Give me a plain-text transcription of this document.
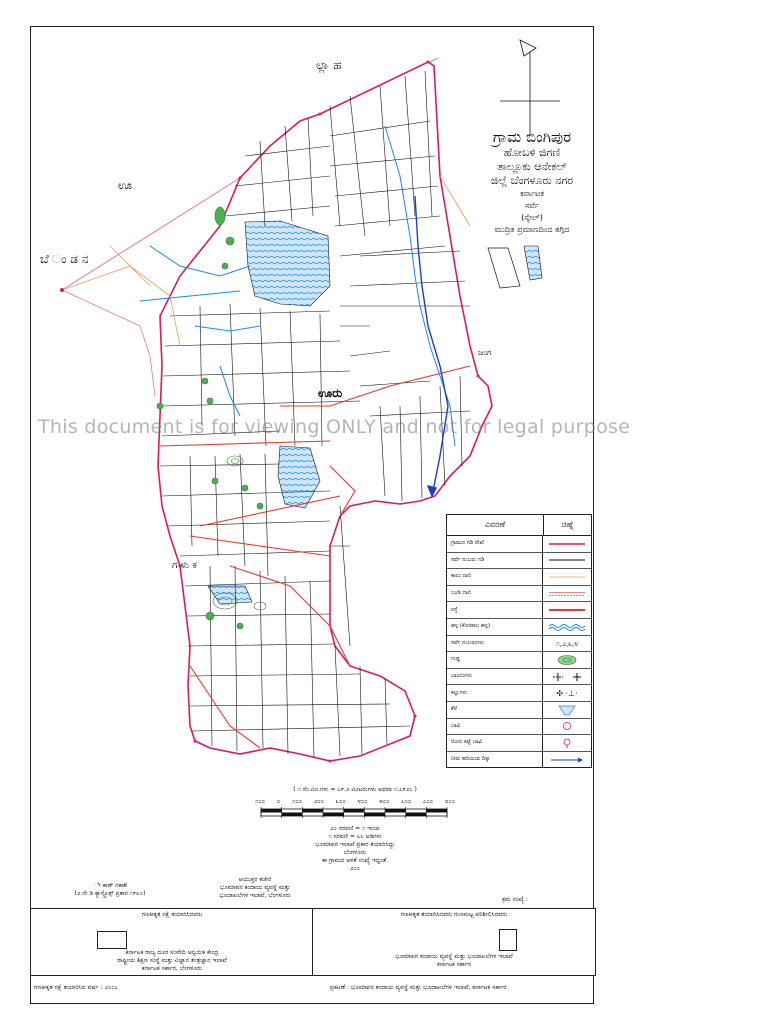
ಲ್ಲಾ ಹ
ಬೆ ಂ ಡ ನ
ಊ
ಜಂಗ
ಗ ಳು ಕ
ಊರು
ಗ್ರಾಮ ಬಿಂಗಿಪುರ
ಹೋಬಳಿ ಜಿಗಣಿ
ತಾಲ್ಲೂಕು ಆನೇಕಲ್
ಜಿಲ್ಲೆ ಬೆಂಗಳೂರು ನಗರ
ಕರ್ನಾಟಕ
ಸರ್ವೆ
(ಸ್ಕೇಲ್)
ಮುದ್ರಿತ ಪ್ರಮಾಣದಿಂದ ತಗ್ಗಿದ
This document is for viewing ONLY and not for legal purpose
ವಿವರಣೆ	ಚಿಹ್ನೆ
ಗ್ರಾಮದ ಗಡಿ ರೇಖೆ
ಸರ್ವೆ ನಂಬರು ಗಡಿ
ಕಾಲು ದಾರಿ
ಬಂಡಿ ದಾರಿ
ರಸ್ತೆ
ಹಳ್ಳ (ಕೊರಕಲು ಹಳ್ಳ)
ಸರ್ವೆ ನಂಬರುಗಳು	೧,೨,೩,೪
ಗುಡ್ಡ
ಬಾಂದುಗಳು
ಕಲ್ಲುಗಳು	✣ ·⊥·
ಕೆರೆ
ಬಾವಿ
ಬಿಂದು ಕಟ್ಟೆ ಬಾವಿ
ನೀರು ಹರಿಯುವ ದಿಕ್ಕು
( ೧ ಸೆಂ.ಮೀ.ಗಳು = ೭೯.೨ ಮೀಟರುಗಳು ಅಥವಾ ೧:೭೯೨೦ )
೧೦೦ ೦ ೧೦೦ ೨೦೦ ೩೦೦ ೪೦೦ ೫೦೦ ೬೦೦ ೭೦೦ ೮೦೦
೨೦ ಸರಪಣಿ = ೧ ಇಂಚು
೧ ಸರಪಣಿ = ೬೬ ಅಡಿಗಳು
ಭೂಮಾಪನ ಇಲಾಖೆ ಪ್ರಕಾರ ತಯಾರಿಸಿದ್ದು
ಬೆಂಗಳೂರು
ಈ ಗ್ರಾಮದ ಅಳತೆ ಸಂಖ್ಯೆ ಇದ್ದಂತೆ.
೨೦೦
ಆಯುಕ್ತರ ಕಚೇರಿ
ಭೂಮಾಪನ ಕಂದಾಯ ವ್ಯವಸ್ಥೆ ಮತ್ತು
ಭೂದಾಖಲೆಗಳ ಇಲಾಖೆ, ಬೆಂಗಳೂರು
ೀ ಕಾಡ್ ನಕಾಶೆ
(೨ ನೇ ಡಿ ಕ್ಯಾಸ್ಟ್ರೊಕ್ಸ್ ಪ್ರಕಾರ ೧೯೩೦)
ಕ್ರಮ ಸಂಖ್ಯೆ :
ಗಣಕೀಕೃತ ನಕ್ಷೆ ತಯಾರಿಸಿದವರು
ಕರ್ನಾಟಕ ರಾಜ್ಯ ದೂರ ಸಂವೇದಿ ಅನ್ವಯಿಕ ಕೇಂದ್ರ
ರಾಷ್ಟ್ರೀಯ ಶಿಕ್ಷಣ ಸಂಸ್ಥೆ ಮತ್ತು ವಿಜ್ಞಾನ ತಂತ್ರಜ್ಞಾನ ಇಲಾಖೆ
ಕರ್ನಾಟಕ ಸರ್ಕಾರ, ಬೆಂಗಳೂರು
ಗಣಕೀಕೃತ ತಯಾರಿಸಿದವರು ಗುಣಮಟ್ಟ ಪರಿಶೀಲಿಸಿದವರು
ಭೂಮಾಪನ ಕಂದಾಯ ವ್ಯವಸ್ಥೆ ಮತ್ತು ಭೂದಾಖಲೆಗಳ ಇಲಾಖೆ
ಕರ್ನಾಟಕ ಸರ್ಕಾರ
ಗಣಕೀಕೃತ ನಕ್ಷೆ ತಯಾರಿಸಿದ ವರ್ಷ : ೨೦೦೭	ಪ್ರಕಟಣೆ : ಭೂಮಾಪನ ಕಂದಾಯ ವ್ಯವಸ್ಥೆ ಮತ್ತು ಭೂದಾಖಲೆಗಳ ಇಲಾಖೆ, ಕರ್ನಾಟಕ ಸರ್ಕಾರ
